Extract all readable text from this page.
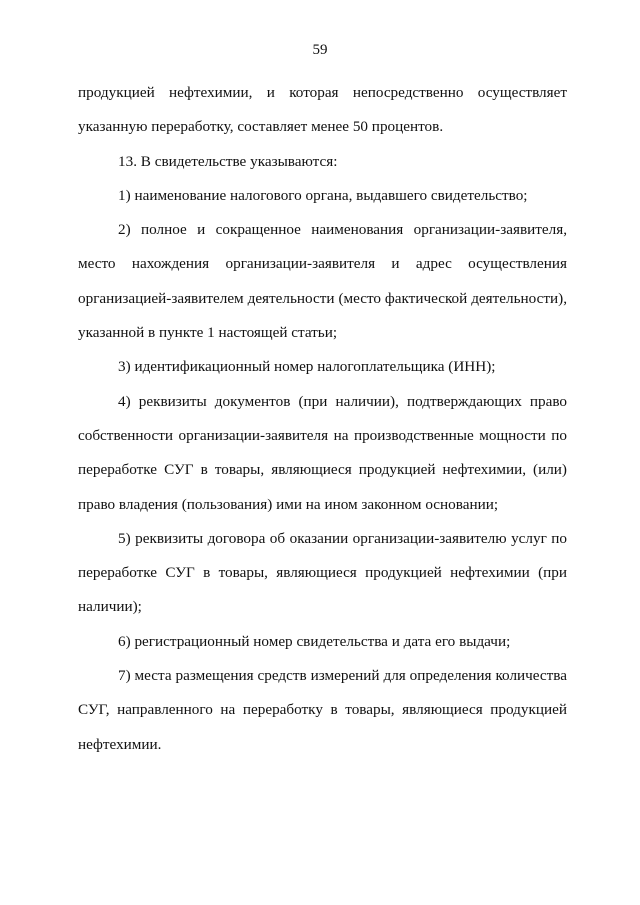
59

продукцией нефтехимии, и которая непосредственно осуществляет указанную переработку, составляет менее 50 процентов.

13. В свидетельстве указываются:

1) наименование налогового органа, выдавшего свидетельство;

2) полное и сокращенное наименования организации-заявителя, место нахождения организации-заявителя и адрес осуществления организацией-заявителем деятельности (место фактической деятельности), указанной в пункте 1 настоящей статьи;

3) идентификационный номер налогоплательщика (ИНН);

4) реквизиты документов (при наличии), подтверждающих право собственности организации-заявителя на производственные мощности по переработке СУГ в товары, являющиеся продукцией нефтехимии, (или) право владения (пользования) ими на ином законном основании;

5) реквизиты договора об оказании организации-заявителю услуг по переработке СУГ в товары, являющиеся продукцией нефтехимии (при наличии);

6) регистрационный номер свидетельства и дата его выдачи;

7) места размещения средств измерений для определения количества СУГ, направленного на переработку в товары, являющиеся продукцией нефтехимии.
